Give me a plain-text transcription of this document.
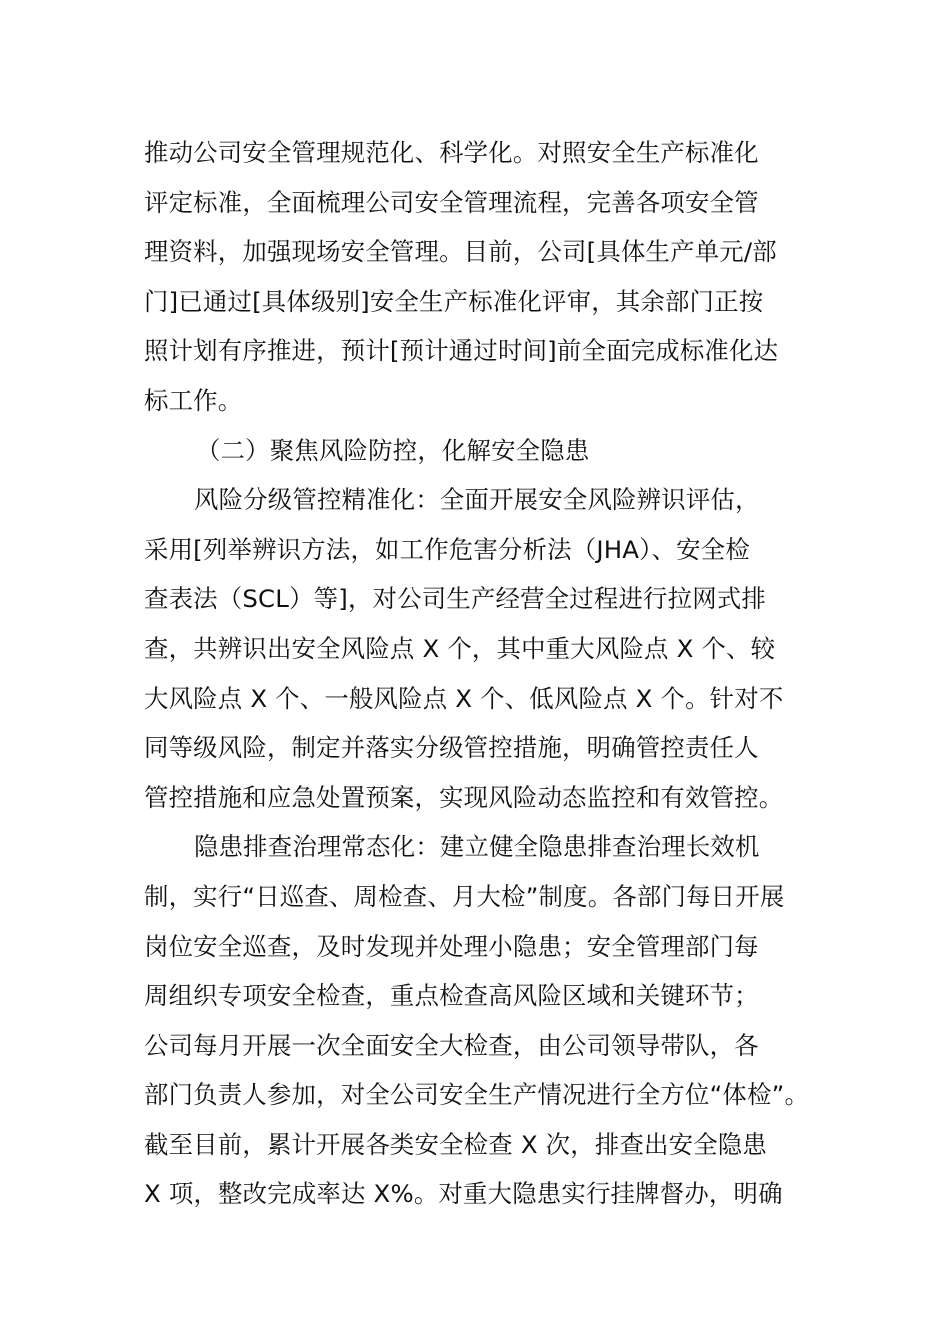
推动公司安全管理规范化、科学化。对照安全生产标准化
评定标准，全面梳理公司安全管理流程，完善各项安全管
理资料，加强现场安全管理。目前，公司[具体生产单元/部
门]已通过[具体级别]安全生产标准化评审，其余部门正按
照计划有序推进，预计[预计通过时间]前全面完成标准化达
标工作。
（二）聚焦风险防控，化解安全隐患
风险分级管控精准化：全面开展安全风险辨识评估，
采用[列举辨识方法，如工作危害分析法（JHA）、安全检
查表法（SCL）等]，对公司生产经营全过程进行拉网式排
查，共辨识出安全风险点 X 个，其中重大风险点 X 个、较
大风险点 X 个、一般风险点 X 个、低风险点 X 个。针对不
同等级风险，制定并落实分级管控措施，明确管控责任人
管控措施和应急处置预案，实现风险动态监控和有效管控。
隐患排查治理常态化：建立健全隐患排查治理长效机
制，实行“日巡查、周检查、月大检”制度。各部门每日开展
岗位安全巡查，及时发现并处理小隐患；安全管理部门每
周组织专项安全检查，重点检查高风险区域和关键环节；
公司每月开展一次全面安全大检查，由公司领导带队，各
部门负责人参加，对全公司安全生产情况进行全方位“体检”。
截至目前，累计开展各类安全检查 X 次，排查出安全隐患
X 项，整改完成率达 X%。对重大隐患实行挂牌督办，明确
